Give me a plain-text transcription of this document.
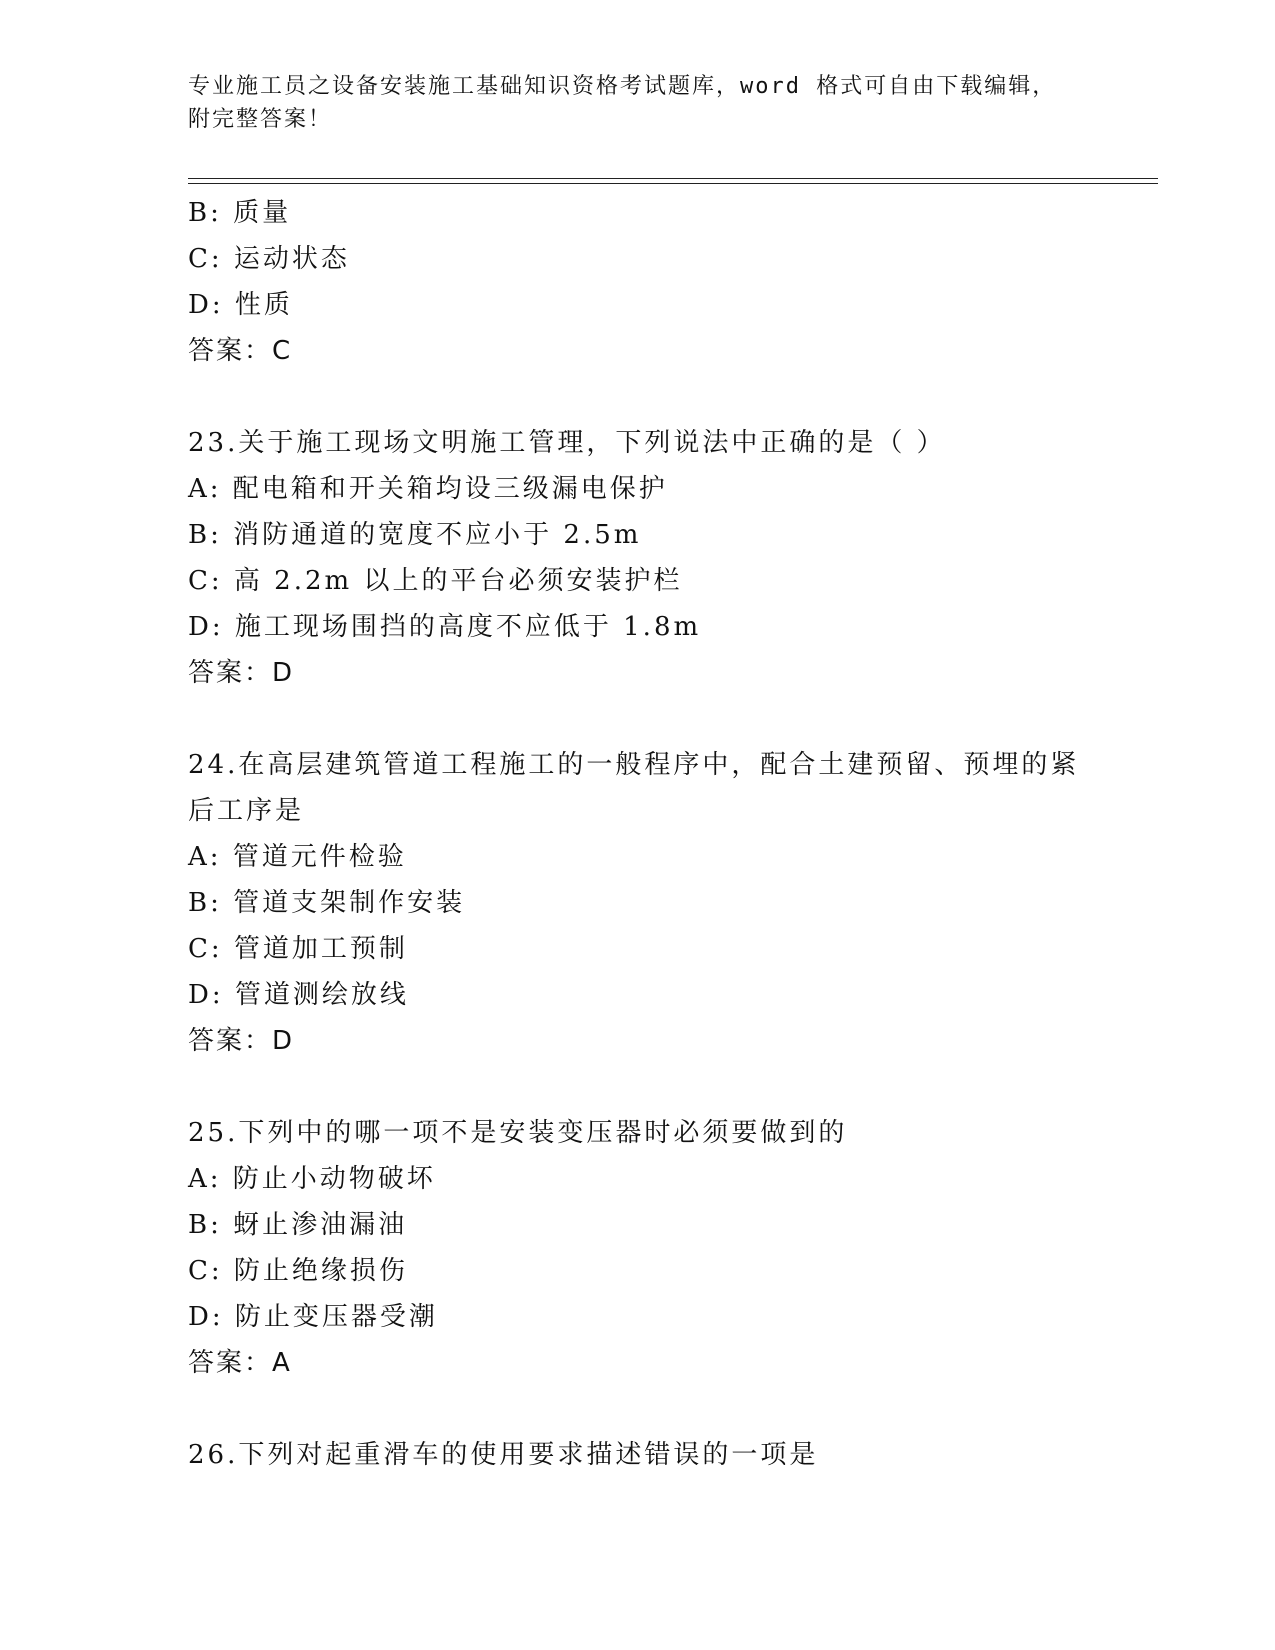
专业施工员之设备安装施工基础知识资格考试题库，word 格式可自由下载编辑，
附完整答案！
B: 质量
C: 运动状态
D: 性质
答案：C
23.关于施工现场文明施工管理，下列说法中正确的是（ ）
A: 配电箱和开关箱均设三级漏电保护
B: 消防通道的宽度不应小于 2.5m
C: 高 2.2m 以上的平台必须安装护栏
D: 施工现场围挡的高度不应低于 1.8m
答案：D
24.在高层建筑管道工程施工的一般程序中，配合土建预留、预埋的紧
后工序是
A: 管道元件检验
B: 管道支架制作安装
C: 管道加工预制
D: 管道测绘放线
答案：D
25.下列中的哪一项不是安装变压器时必须要做到的
A: 防止小动物破坏
B: 蚜止渗油漏油
C: 防止绝缘损伤
D: 防止变压器受潮
答案：A
26.下列对起重滑车的使用要求描述错误的一项是
